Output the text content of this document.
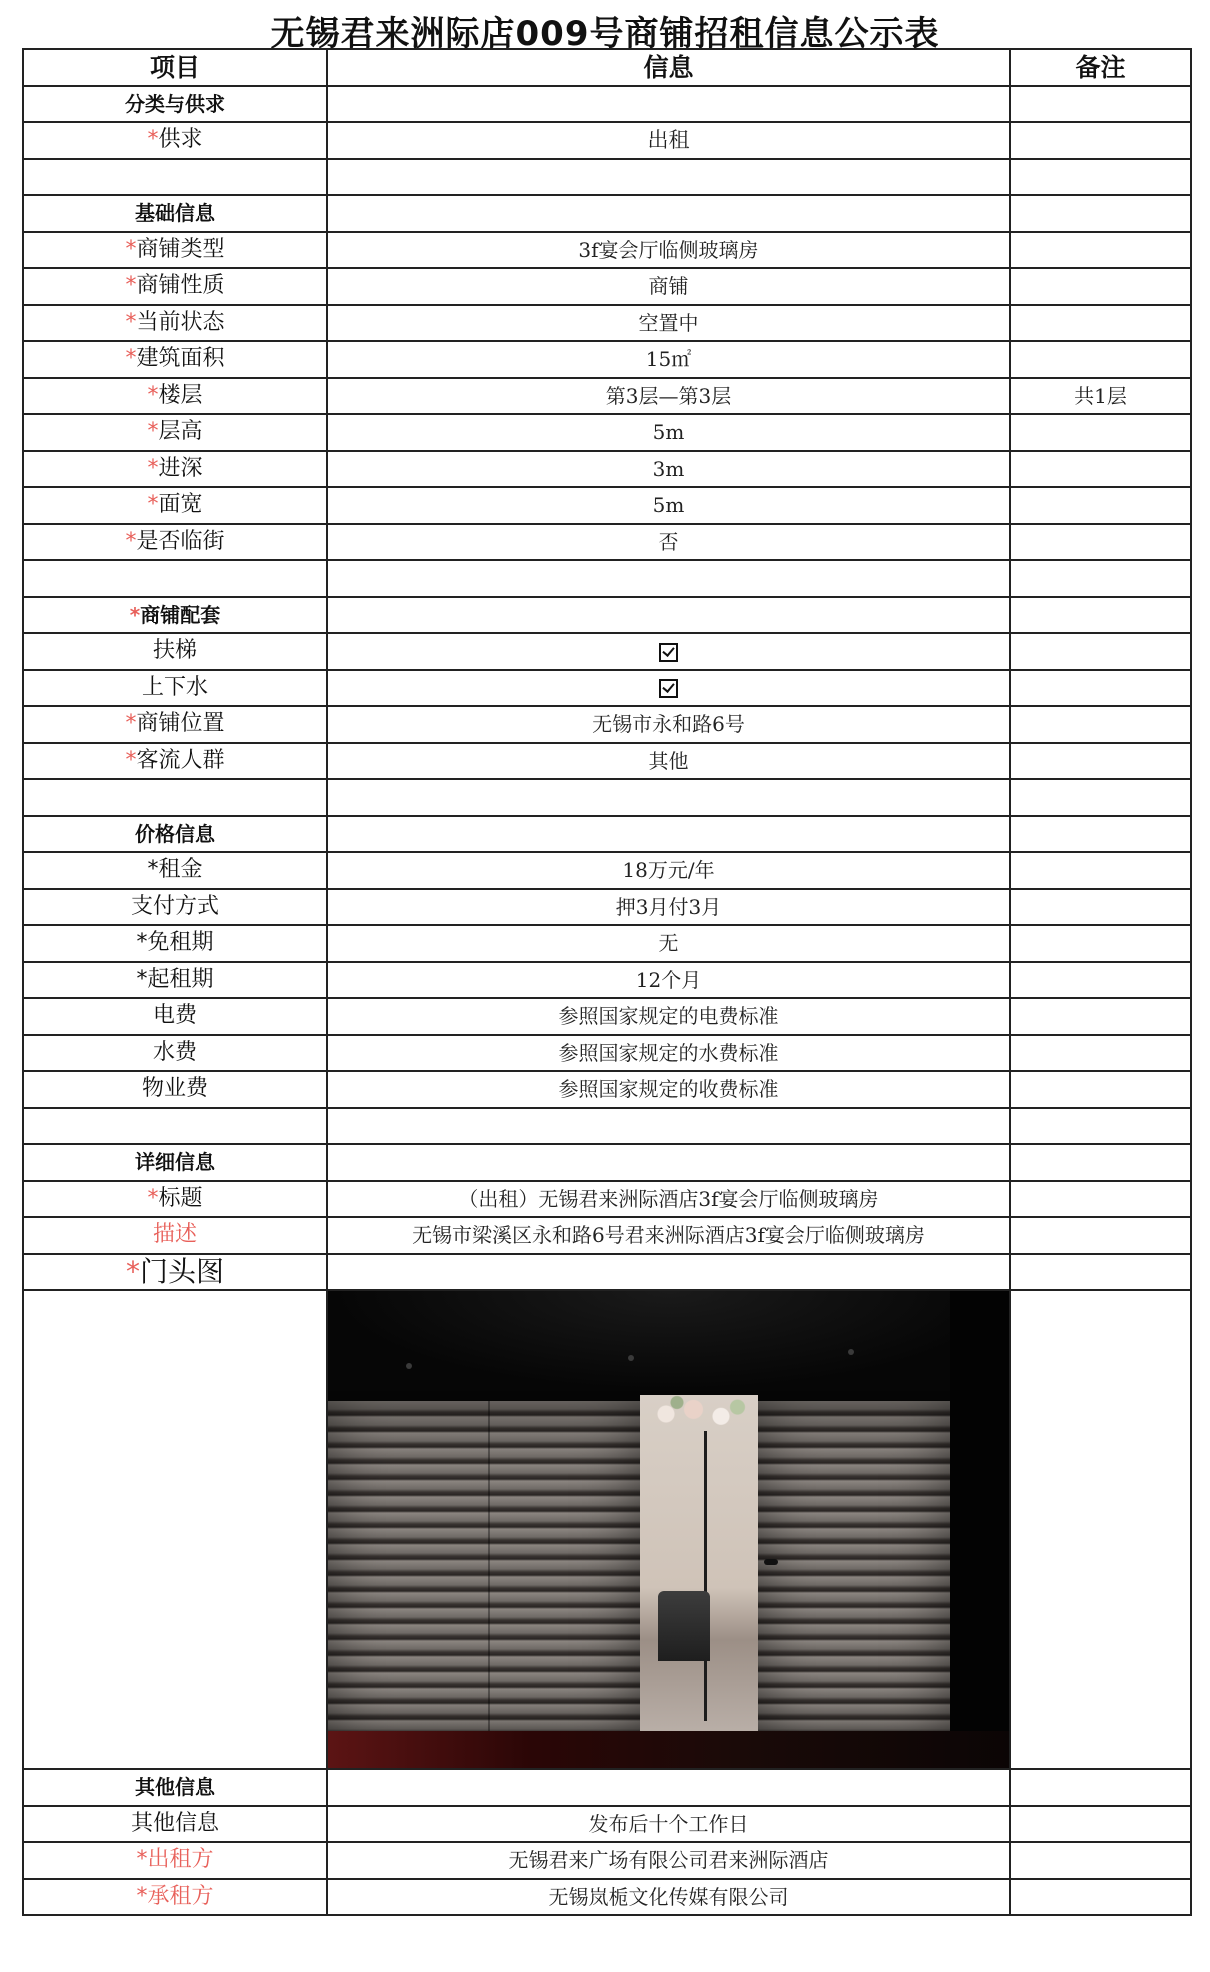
无锡君来洲际店009号商铺招租信息公示表
项目	信息	备注
分类与供求		
*供求	出租	

基础信息		
*商铺类型	3f宴会厅临侧玻璃房	
*商铺性质	商铺	
*当前状态	空置中	
*建筑面积	15㎡	
*楼层	第3层—第3层	共1层
*层高	5m	
*进深	3m	
*面宽	5m	
*是否临街	否	

*商铺配套		
扶梯		
上下水		
*商铺位置	无锡市永和路6号	
*客流人群	其他	

价格信息		
*租金	18万元/年	
支付方式	押3月付3月	
*免租期	无	
*起租期	12个月	
电费	参照国家规定的电费标准	
水费	参照国家规定的水费标准	
物业费	参照国家规定的收费标准	

详细信息		
*标题	（出租）无锡君来洲际酒店3f宴会厅临侧玻璃房	
描述	无锡市梁溪区永和路6号君来洲际酒店3f宴会厅临侧玻璃房	
*门头图		

其他信息		
其他信息	发布后十个工作日	
*出租方	无锡君来广场有限公司君来洲际酒店	
*承租方	无锡岚栀文化传媒有限公司	
